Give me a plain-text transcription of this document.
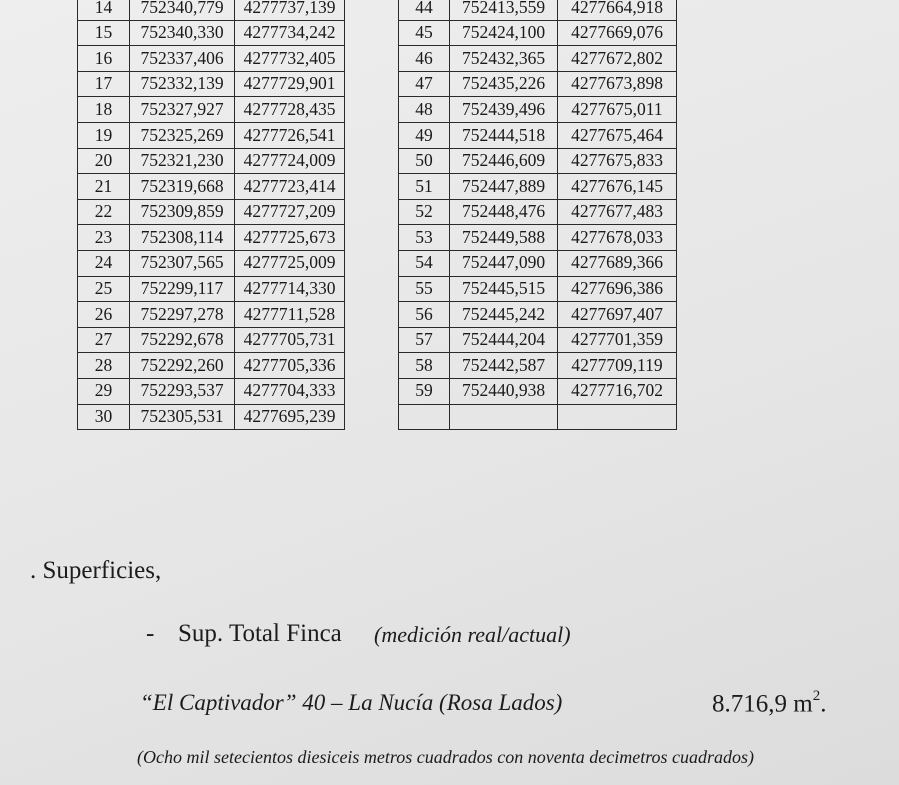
14	752340,779	4277737,139
15	752340,330	4277734,242
16	752337,406	4277732,405
17	752332,139	4277729,901
18	752327,927	4277728,435
19	752325,269	4277726,541
20	752321,230	4277724,009
21	752319,668	4277723,414
22	752309,859	4277727,209
23	752308,114	4277725,673
24	752307,565	4277725,009
25	752299,117	4277714,330
26	752297,278	4277711,528
27	752292,678	4277705,731
28	752292,260	4277705,336
29	752293,537	4277704,333
30	752305,531	4277695,239
44	752413,559	4277664,918
45	752424,100	4277669,076
46	752432,365	4277672,802
47	752435,226	4277673,898
48	752439,496	4277675,011
49	752444,518	4277675,464
50	752446,609	4277675,833
51	752447,889	4277676,145
52	752448,476	4277677,483
53	752449,588	4277678,033
54	752447,090	4277689,366
55	752445,515	4277696,386
56	752445,242	4277697,407
57	752444,204	4277701,359
58	752442,587	4277709,119
59	752440,938	4277716,702

. Superficies,
- Sup. Total Finca (medición real/actual)
“El Captivador” 40 – La Nucía (Rosa Lados)	8.716,9 $m^2$.
(Ocho mil setecientos diesiceis metros cuadrados con noventa decimetros cuadrados)
